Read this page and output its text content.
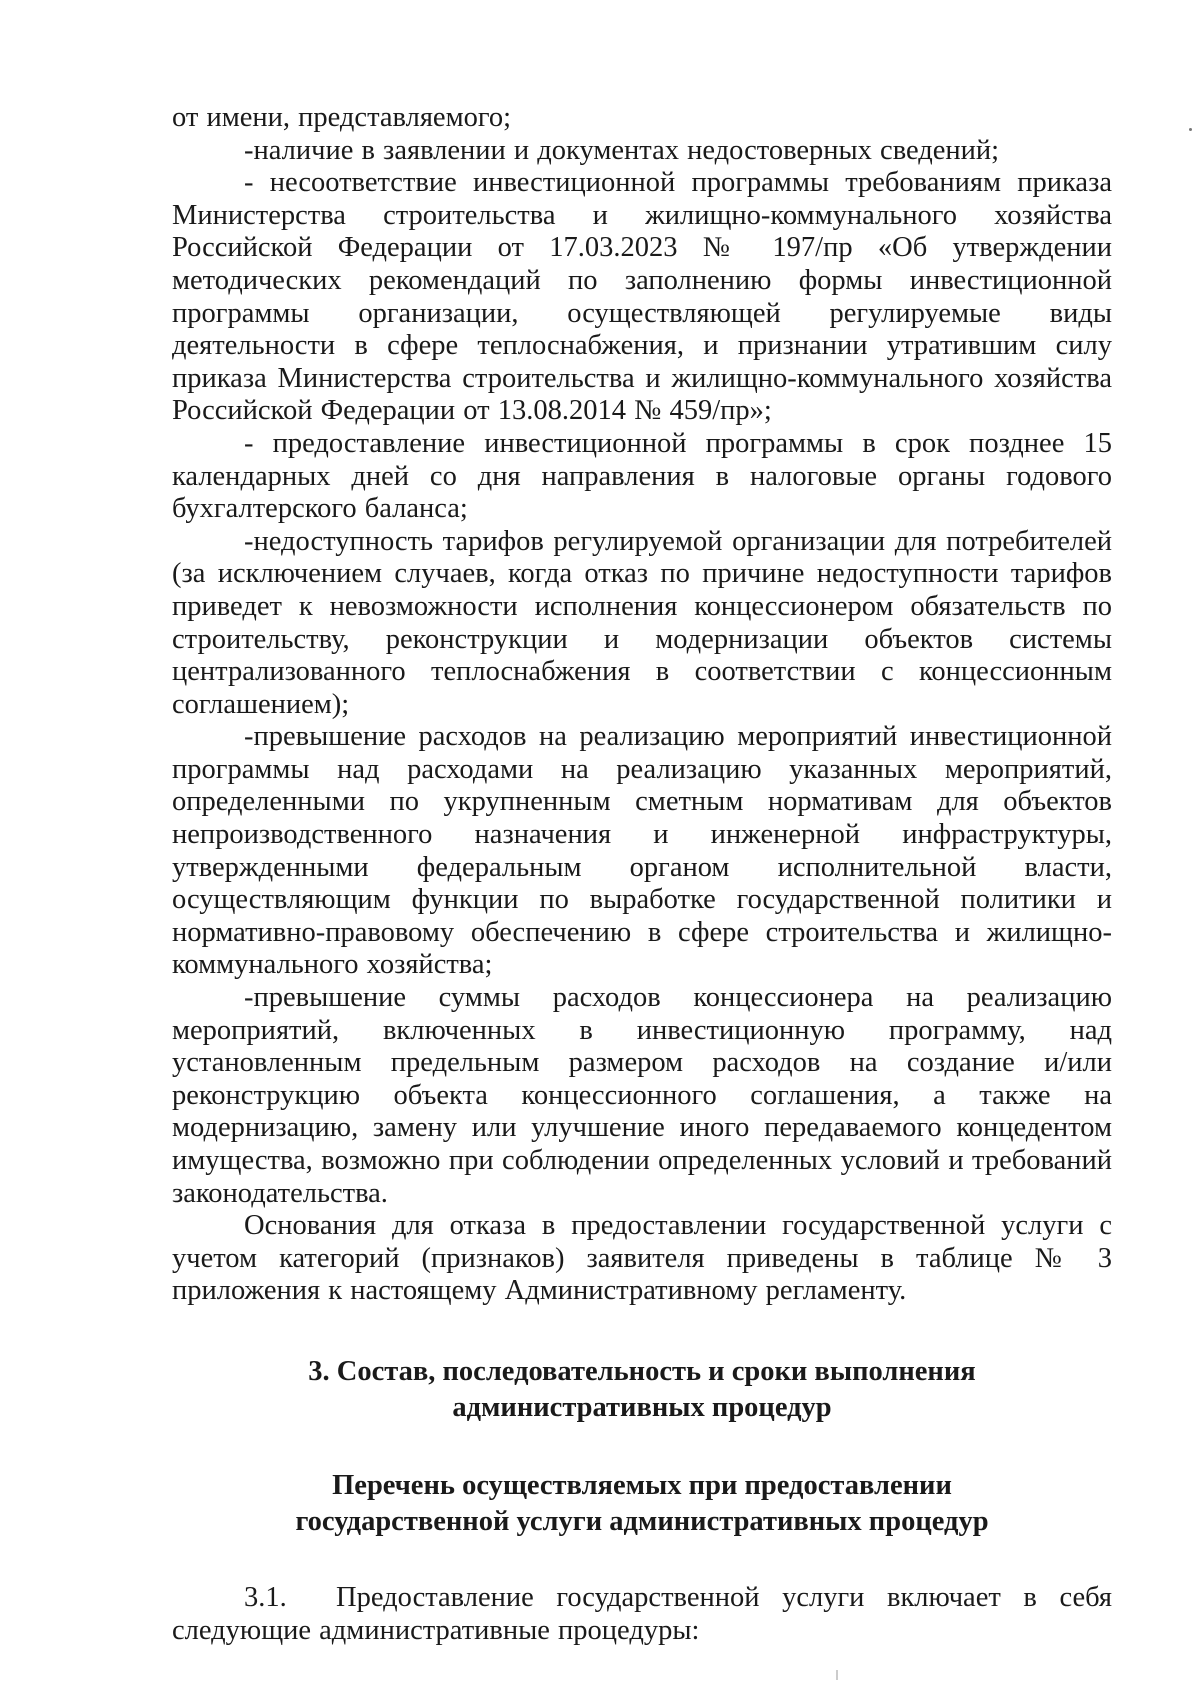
от имени, представляемого;

-наличие в заявлении и документах недостоверных сведений;

- несоответствие инвестиционной программы требованиям приказа Министерства строительства и жилищно-коммунального хозяйства Российской Федерации от 17.03.2023 № 197/пр «Об утверждении методических рекомендаций по заполнению формы инвестиционной программы организации, осуществляющей регулируемые виды деятельности в сфере теплоснабжения, и признании утратившим силу приказа Министерства строительства и жилищно-коммунального хозяйства Российской Федерации от 13.08.2014 № 459/пр»;

- предоставление инвестиционной программы в срок позднее 15 календарных дней со дня направления в налоговые органы годового бухгалтерского баланса;

-недоступность тарифов регулируемой организации для потребителей (за исключением случаев, когда отказ по причине недоступности тарифов приведет к невозможности исполнения концессионером обязательств по строительству, реконструкции и модернизации объектов системы централизованного теплоснабжения в соответствии с концессионным соглашением);

-превышение расходов на реализацию мероприятий инвестиционной программы над расходами на реализацию указанных мероприятий, определенными по укрупненным сметным нормативам для объектов непроизводственного назначения и инженерной инфраструктуры, утвержденными федеральным органом исполнительной власти, осуществляющим функции по выработке государственной политики и нормативно-правовому обеспечению в сфере строительства и жилищно-коммунального хозяйства;

-превышение суммы расходов концессионера на реализацию мероприятий, включенных в инвестиционную программу, над установленным предельным размером расходов на создание и/или реконструкцию объекта концессионного соглашения, а также на модернизацию, замену или улучшение иного передаваемого концедентом имущества, возможно при соблюдении определенных условий и требований законодательства.

Основания для отказа в предоставлении государственной услуги с учетом категорий (признаков) заявителя приведены в таблице № 3 приложения к настоящему Административному регламенту.

3. Состав, последовательность и сроки выполнения

административных процедур

Перечень осуществляемых при предоставлении

государственной услуги административных процедур

3.1. Предоставление государственной услуги включает в себя следующие административные процедуры:
